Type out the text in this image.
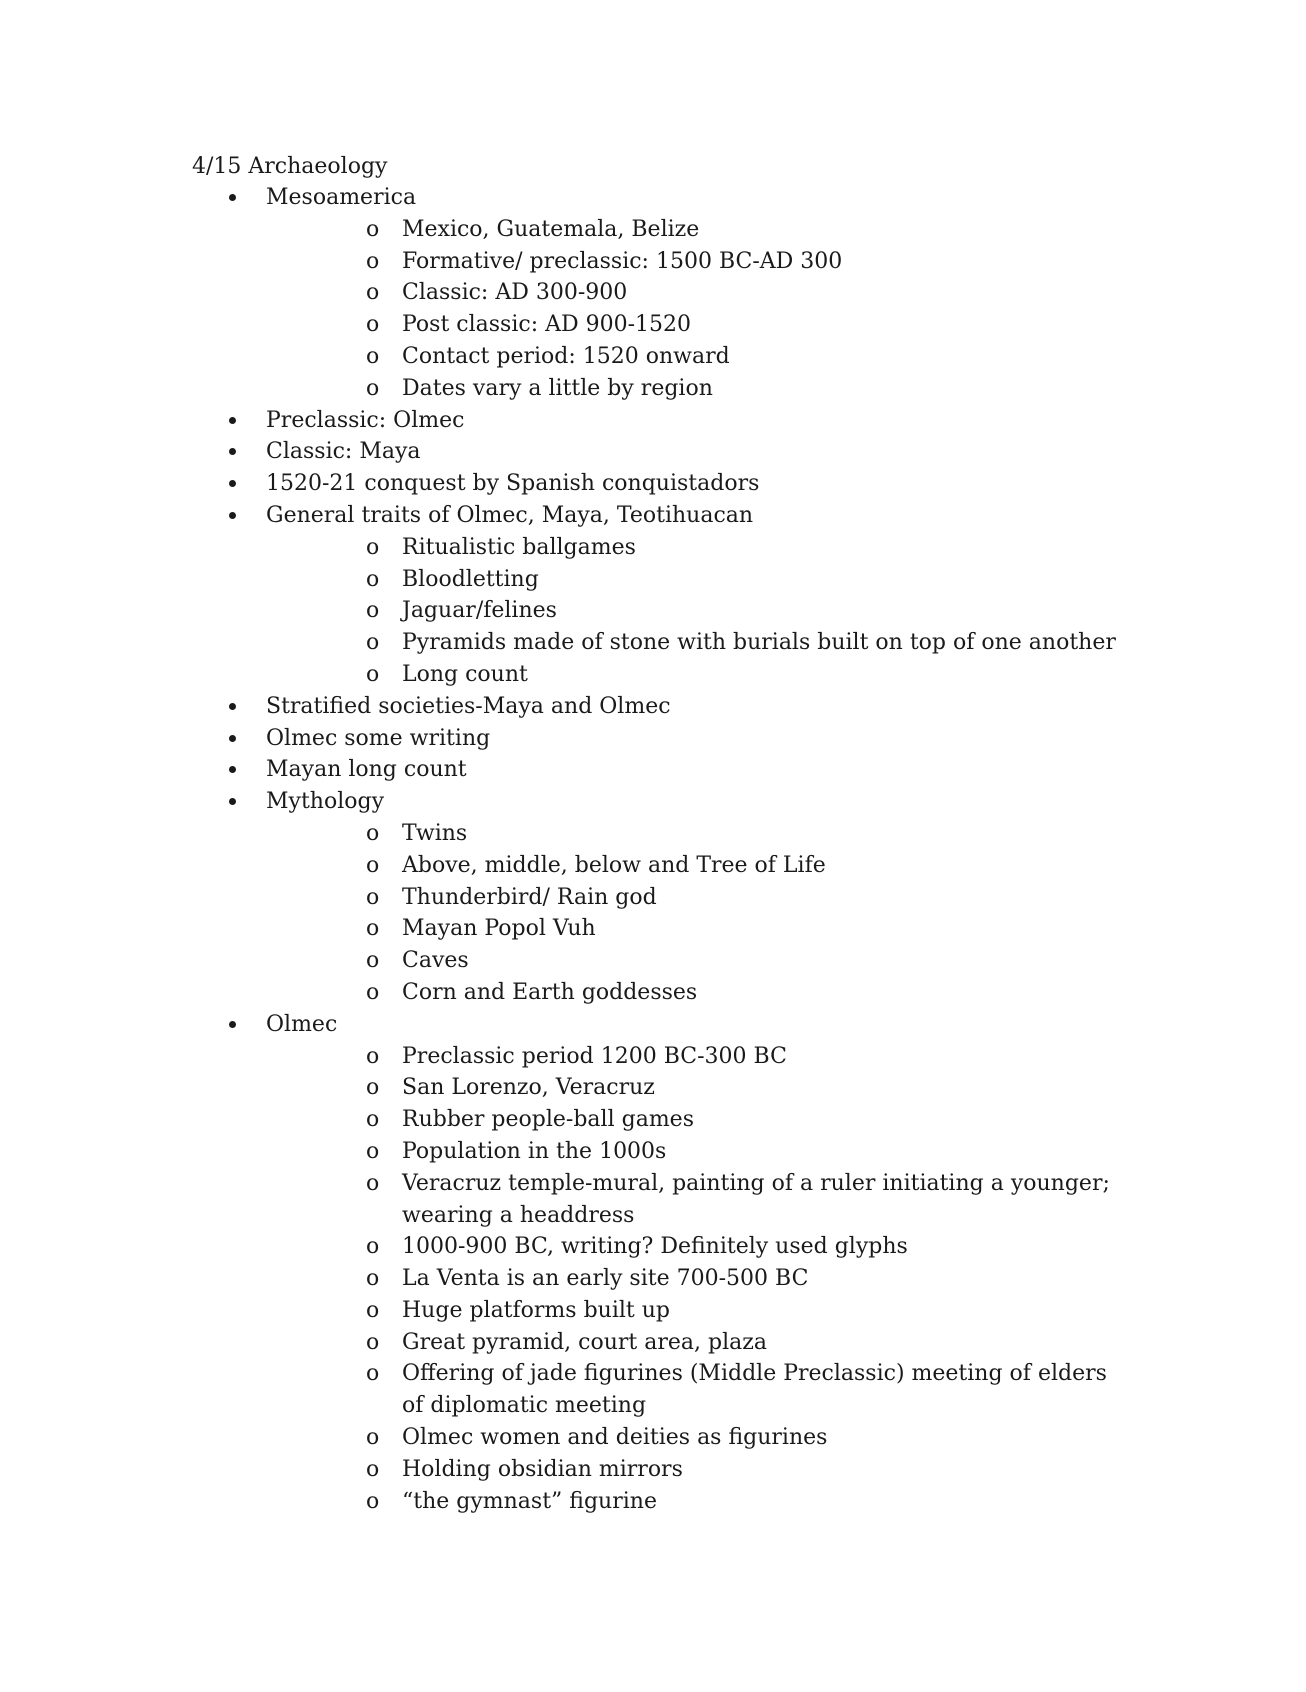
4/15 Archaeology
Mesoamerica
o	Mexico, Guatemala, Belize
o	Formative/ preclassic: 1500 BC-AD 300
o	Classic: AD 300-900
o	Post classic: AD 900-1520
o	Contact period: 1520 onward
o	Dates vary a little by region
Preclassic: Olmec
Classic: Maya
1520-21 conquest by Spanish conquistadors
General traits of Olmec, Maya, Teotihuacan
o	Ritualistic ballgames
o	Bloodletting
o	Jaguar/felines
o	Pyramids made of stone with burials built on top of one another
o	Long count
Stratified societies-Maya and Olmec
Olmec some writing
Mayan long count
Mythology
o	Twins
o	Above, middle, below and Tree of Life
o	Thunderbird/ Rain god
o	Mayan Popol Vuh
o	Caves
o	Corn and Earth goddesses
Olmec
o	Preclassic period 1200 BC-300 BC
o	San Lorenzo, Veracruz
o	Rubber people-ball games
o	Population in the 1000s
o	Veracruz temple-mural, painting of a ruler initiating a younger; wearing a headdress
o	1000-900 BC, writing? Definitely used glyphs
o	La Venta is an early site 700-500 BC
o	Huge platforms built up
o	Great pyramid, court area, plaza
o	Offering of jade figurines (Middle Preclassic) meeting of elders of diplomatic meeting
o	Olmec women and deities as figurines
o	Holding obsidian mirrors
o	“the gymnast” figurine
